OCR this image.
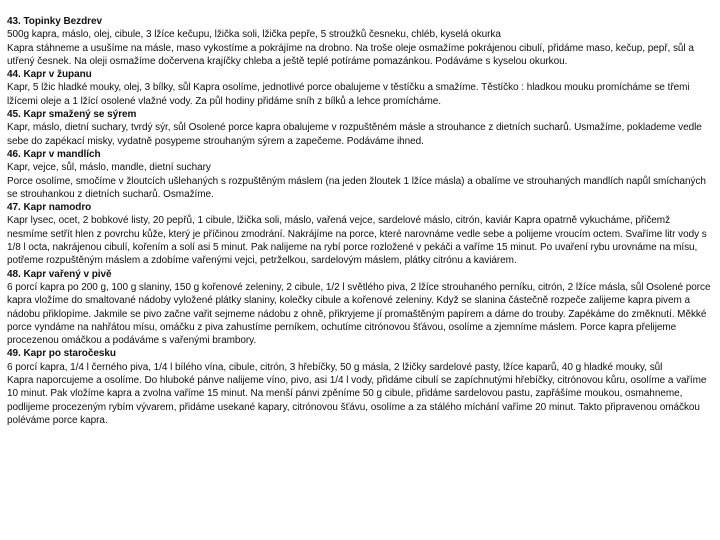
43. Topinky Bezdrev

500g kapra, máslo, olej, cibule, 3 lžíce kečupu, lžička soli, lžička pepře, 5 stroužků česneku, chléb, kyselá okurka

Kapra stáhneme a usušíme na másle, maso vykostíme a pokrájíme na drobno. Na troše oleje osmažíme pokrájenou cibulí, přidáme maso, kečup, pepř, sůl a utřený česnek. Na oleji osmažíme dočervena krajíčky chleba a ještě teplé potíráme pomazánkou. Podáváme s kyselou okurkou.

44. Kapr v županu

Kapr, 5 lžic hladké mouky, olej, 3 bílky, sůl Kapra osolíme, jednotlivé porce obalujeme v těstíčku a smažíme. Těstíčko : hladkou mouku promícháme se třemi lžícemi oleje a 1 lžící osolené vlažné vody. Za půl hodiny přidáme sníh z bílků a lehce promícháme.

45. Kapr smažený se sýrem

Kapr, máslo, dietní suchary, tvrdý sýr, sůl Osolené porce kapra obalujeme v rozpuštěném másle a strouhance z dietních sucharů. Usmažíme, poklademe vedle sebe do zapékací misky, vydatně posypeme strouhaným sýrem a zapečeme. Podáváme ihned.

46. Kapr v mandlích

Kapr, vejce, sůl, máslo, mandle, dietní suchary

Porce osolíme, smočíme v žloutcích ušlehaných s rozpuštěným máslem (na jeden žloutek 1 lžíce másla) a obalíme ve strouhaných mandlích napůl smíchaných se strouhankou z dietních sucharů. Osmažíme.

47. Kapr namodro

Kapr lysec, ocet, 2 bobkové listy, 20 pepřů, 1 cibule, lžička soli, máslo, vařená vejce, sardelové máslo, citrón, kaviár Kapra opatrně vykucháme, přičemž nesmíme setřít hlen z povrchu kůže, který je příčinou zmodrání. Nakrájíme na porce, které narovnáme vedle sebe a polijeme vroucím octem. Svaříme litr vody s 1/8 l octa, nakrájenou cibulí, kořením a solí asi 5 minut. Pak nalijeme na rybí porce rozložené v pekáči a vaříme 15 minut. Po uvaření rybu urovnáme na mísu, potřeme rozpuštěným máslem a zdobíme vařenými vejci, petrželkou, sardelovým máslem, plátky citrónu a kaviárem.

48. Kapr vařený v pivě

6 porcí kapra po 200 g, 100 g slaniny, 150 g kořenové zeleniny, 2 cibule, 1/2 l světlého piva, 2 lžíce strouhaného perníku, citrón, 2 lžíce másla, sůl Osolené porce kapra vložíme do smaltované nádoby vyložené plátky slaniny, kolečky cibule a kořenové zeleniny. Když se slanina částečně rozpeče zalijeme kapra pivem a nádobu přiklopíme. Jakmile se pivo začne vařit sejmeme nádobu z ohně, přikryjeme jí promaštěným papírem a dáme do trouby. Zapékáme do změknutí. Měkké porce vyndáme na nahřátou mísu, omáčku z piva zahustíme perníkem, ochutíme citrónovou šťávou, osolíme a zjemníme máslem. Porce kapra přelijeme procezenou omáčkou a podáváme s vařenými brambory.

49. Kapr po staročesku

6 porcí kapra, 1/4 l černého piva, 1/4 l bílého vína, cibule, citrón, 3 hřebíčky, 50 g másla, 2 lžičky sardelové pasty, lžíce kaparů, 40 g hladké mouky, sůl

Kapra naporcujeme a osolíme. Do hluboké pánve nalijeme víno, pivo, asi 1/4 l vody, přidáme cibulí se zapíchnutými hřebíčky, citrónovou kůru, osolíme a vaříme 10 minut. Pak vložíme kapra a zvolna vaříme 15 minut. Na menší pánvi zpěníme 50 g cibule, přidáme sardelovou pastu, zapřášíme moukou, osmahneme, podlijeme procezeným rybím vývarem, přidáme usekané kapary, citrónovou šťávu, osolíme a za stálého míchání vaříme 20 minut. Takto připravenou omáčkou poléváme porce kapra.
